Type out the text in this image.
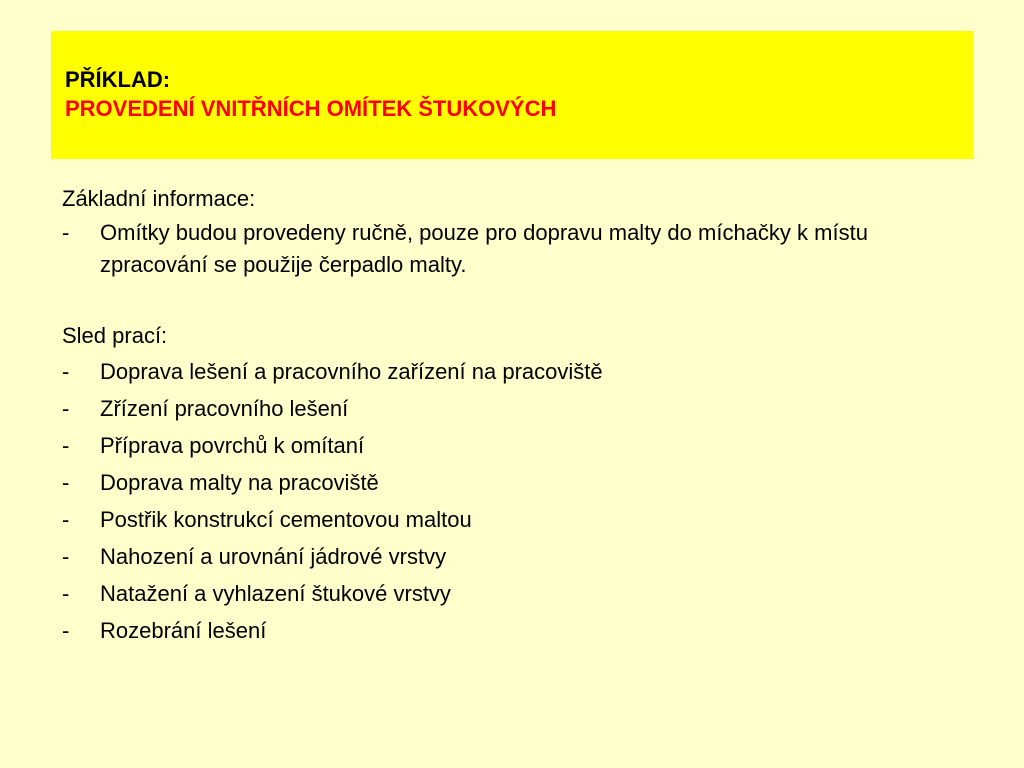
PŘÍKLAD:

PROVEDENÍ VNITŘNÍCH OMÍTEK ŠTUKOVÝCH

Základní informace:

- Omítky budou provedeny ručně, pouze pro dopravu malty do míchačky k místu zpracování se použije čerpadlo malty.

Sled prací:

- Doprava lešení a pracovního zařízení na pracoviště
- Zřízení pracovního lešení
- Příprava povrchů k omítaní
- Doprava malty na pracoviště
- Postřik konstrukcí cementovou maltou
- Nahození a urovnání jádrové vrstvy
- Natažení a vyhlazení štukové vrstvy
- Rozebrání lešení
